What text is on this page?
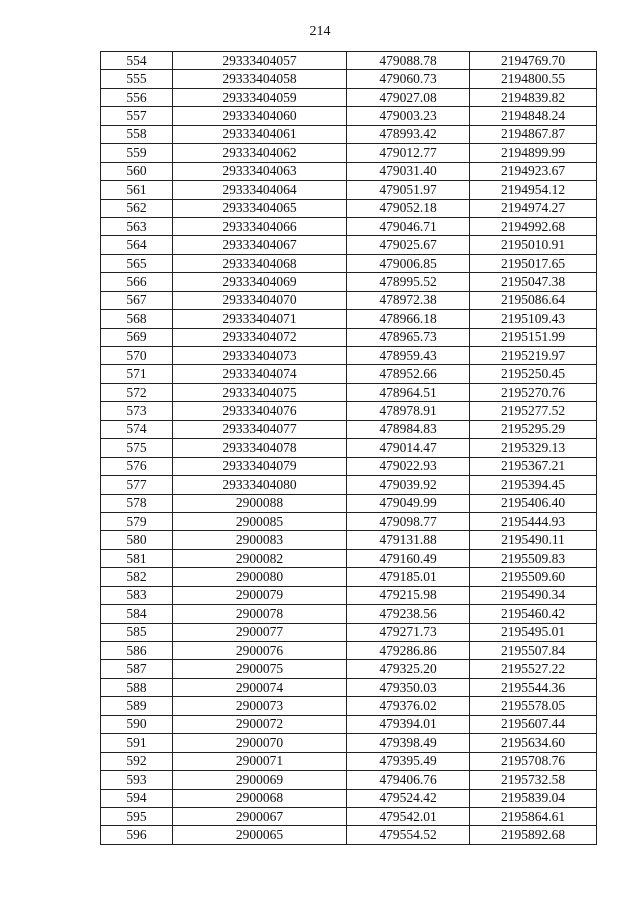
214
554	29333404057	479088.78	2194769.70
555	29333404058	479060.73	2194800.55
556	29333404059	479027.08	2194839.82
557	29333404060	479003.23	2194848.24
558	29333404061	478993.42	2194867.87
559	29333404062	479012.77	2194899.99
560	29333404063	479031.40	2194923.67
561	29333404064	479051.97	2194954.12
562	29333404065	479052.18	2194974.27
563	29333404066	479046.71	2194992.68
564	29333404067	479025.67	2195010.91
565	29333404068	479006.85	2195017.65
566	29333404069	478995.52	2195047.38
567	29333404070	478972.38	2195086.64
568	29333404071	478966.18	2195109.43
569	29333404072	478965.73	2195151.99
570	29333404073	478959.43	2195219.97
571	29333404074	478952.66	2195250.45
572	29333404075	478964.51	2195270.76
573	29333404076	478978.91	2195277.52
574	29333404077	478984.83	2195295.29
575	29333404078	479014.47	2195329.13
576	29333404079	479022.93	2195367.21
577	29333404080	479039.92	2195394.45
578	2900088	479049.99	2195406.40
579	2900085	479098.77	2195444.93
580	2900083	479131.88	2195490.11
581	2900082	479160.49	2195509.83
582	2900080	479185.01	2195509.60
583	2900079	479215.98	2195490.34
584	2900078	479238.56	2195460.42
585	2900077	479271.73	2195495.01
586	2900076	479286.86	2195507.84
587	2900075	479325.20	2195527.22
588	2900074	479350.03	2195544.36
589	2900073	479376.02	2195578.05
590	2900072	479394.01	2195607.44
591	2900070	479398.49	2195634.60
592	2900071	479395.49	2195708.76
593	2900069	479406.76	2195732.58
594	2900068	479524.42	2195839.04
595	2900067	479542.01	2195864.61
596	2900065	479554.52	2195892.68
